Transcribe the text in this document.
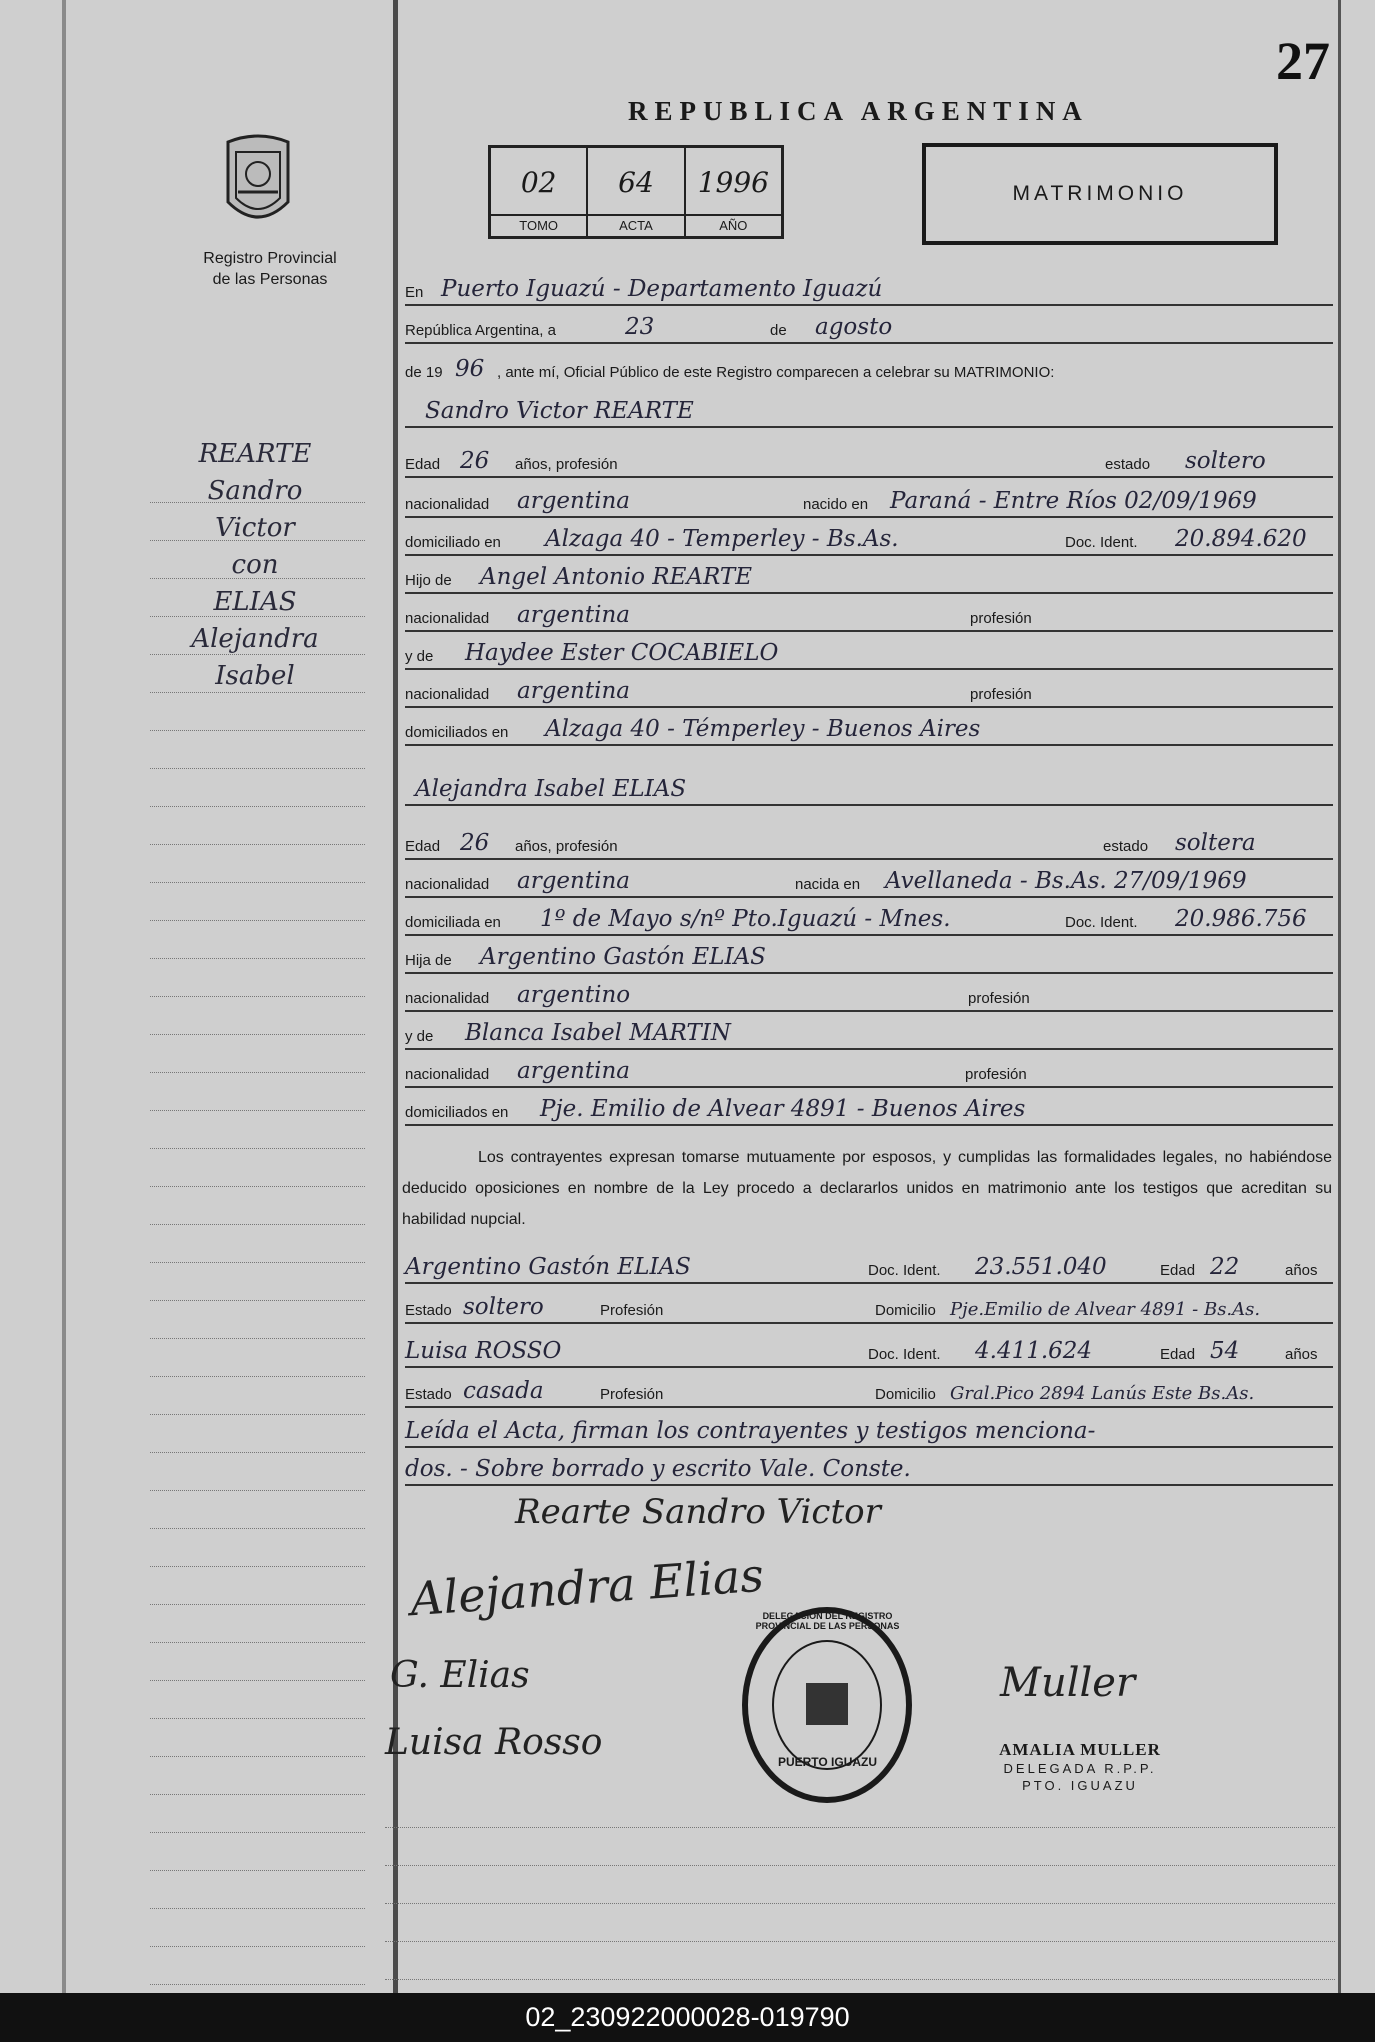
27
REPUBLICA ARGENTINA
Registro Provincial
de las Personas
02
TOMO
64
ACTA
1996
AÑO
MATRIMONIO
REARTE
Sandro
Victor
con
ELIAS
Alejandra
Isabel
En Puerto Iguazú - Departamento Iguazú
República Argentina, a	23	de agosto
de 19 96 , ante mí, Oficial Público de este Registro comparecen a celebrar su MATRIMONIO:
Sandro Victor REARTE
Edad 26 años, profesión	estado soltero
nacionalidad argentina	nacido en Paraná - Entre Ríos 02/09/1969
domiciliado en Alzaga 40 - Temperley - Bs.As.	Doc. Ident. 20.894.620
Hijo de Angel Antonio REARTE
nacionalidad argentina	profesión
y de Haydee Ester COCABIELO
nacionalidad argentina	profesión
domiciliados en Alzaga 40 - Témperley - Buenos Aires
Alejandra Isabel ELIAS
Edad 26 años, profesión	estado soltera
nacionalidad argentina	nacida en Avellaneda - Bs.As. 27/09/1969
domiciliada en 1º de Mayo s/nº Pto.Iguazú - Mnes.	Doc. Ident. 20.986.756
Hija de Argentino Gastón ELIAS
nacionalidad argentino	profesión
y de Blanca Isabel MARTIN
nacionalidad argentina	profesión
domiciliados en Pje. Emilio de Alvear 4891 - Buenos Aires
Los contrayentes expresan tomarse mutuamente por esposos, y cumplidas las formalidades legales, no habiéndose deducido oposiciones en nombre de la Ley procedo a declararlos unidos en matrimonio ante los testigos que acreditan su habilidad nupcial.
Argentino Gastón ELIAS	Doc. Ident. 23.551.040	Edad 22	años
Estado soltero	Profesión	Domicilio Pje.Emilio de Alvear 4891 - Bs.As.
Luisa ROSSO	Doc. Ident. 4.411.624	Edad 54	años
Estado casada	Profesión	Domicilio Gral.Pico 2894 Lanús Este Bs.As.
Leída el Acta, firman los contrayentes y testigos menciona-
dos. - Sobre borrado y escrito Vale. Conste.
Rearte Sandro Victor
Alejandra Elias
G. Elias
Luisa Rosso
Muller
DELEGACION DEL REGISTRO PROVINCIAL DE LAS PERSONAS
PUERTO IGUAZU
AMALIA MULLER
DELEGADA R.P.P.
PTO. IGUAZU
02_230922000028-019790
